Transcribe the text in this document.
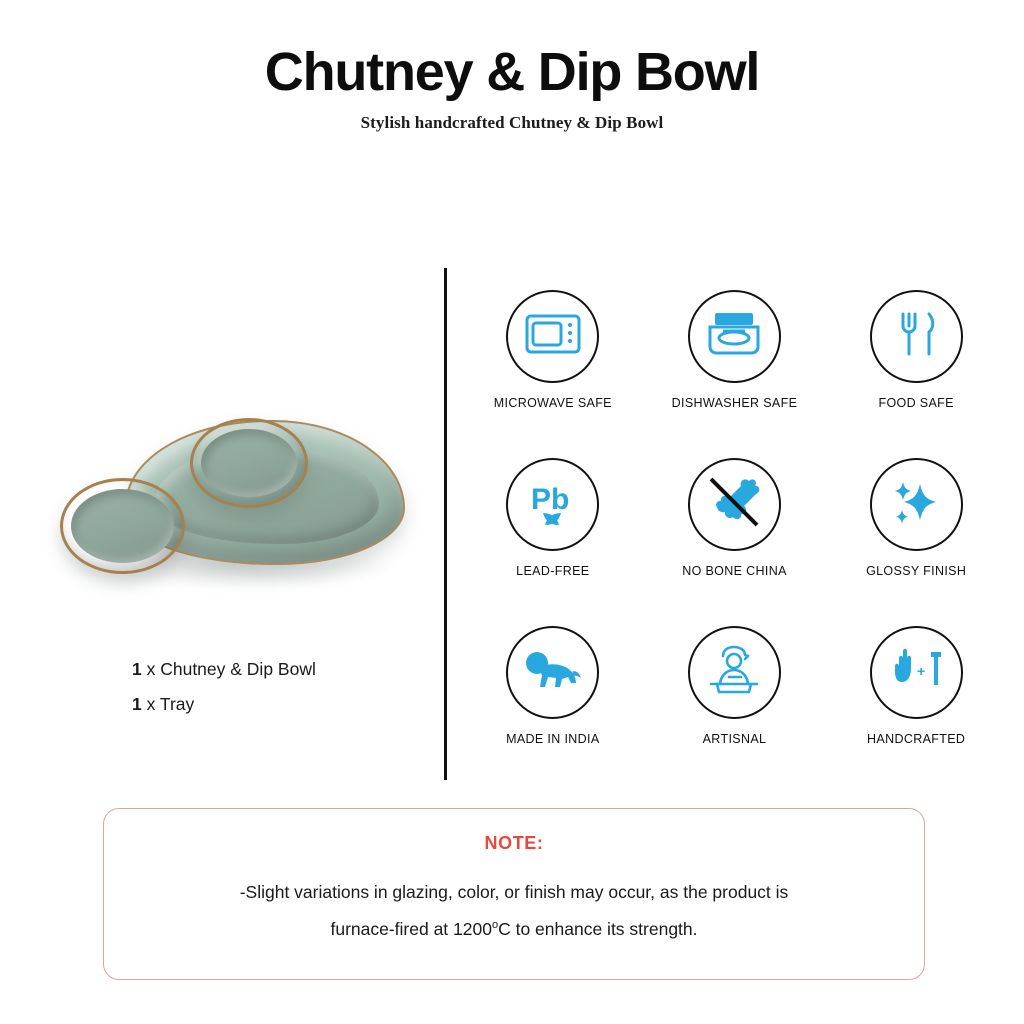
Chutney & Dip Bowl
Stylish handcrafted Chutney & Dip Bowl
1 x Chutney & Dip Bowl
1 x Tray
MICROWAVE SAFE	DISHWASHER SAFE	FOOD SAFE
Pb
LEAD-FREE	NO BONE CHINA	GLOSSY FINISH
MADE IN INDIA	ARTISNAL
+
HANDCRAFTED
NOTE:
-Slight variations in glazing, color, or finish may occur, as the product is
furnace-fired at 1200$^o$C to enhance its strength.
